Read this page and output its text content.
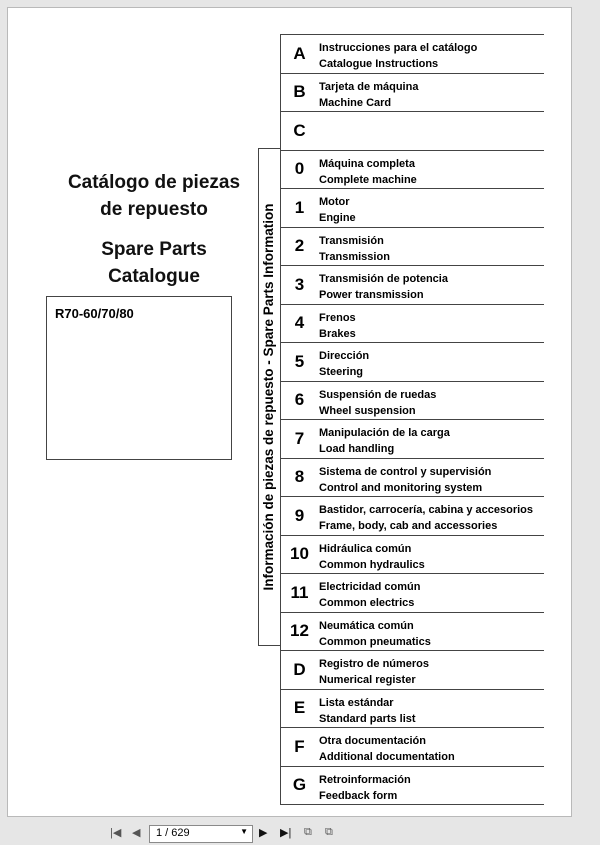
Catálogo de piezas
de repuesto
Spare Parts
Catalogue
R70-60/70/80	Información de piezas de repuesto - Spare Parts Information
A	Instrucciones para el catálogo
Catalogue Instructions
B	Tarjeta de máquina
Machine Card
C
0	Máquina completa
Complete machine
1	Motor
Engine
2	Transmisión
Transmission
3	Transmisión de potencia
Power transmission
4	Frenos
Brakes
5	Dirección
Steering
6	Suspensión de ruedas
Wheel suspension
7	Manipulación de la carga
Load handling
8	Sistema de control y supervisión
Control and monitoring system
9	Bastidor, carrocería, cabina y accesorios
Frame, body, cab and accessories
10 Hidráulica común
Common hydraulics
11 Electricidad común
Common electrics
12 Neumática común
Common pneumatics
D	Registro de números
Numerical register
E	Lista estándar
Standard parts list
F	Otra documentación
Additional documentation
G	Retroinformación
Feedback form
|◀ ◀ 1 / 629	▼ ▶ ▶| ⧉ ⧉
